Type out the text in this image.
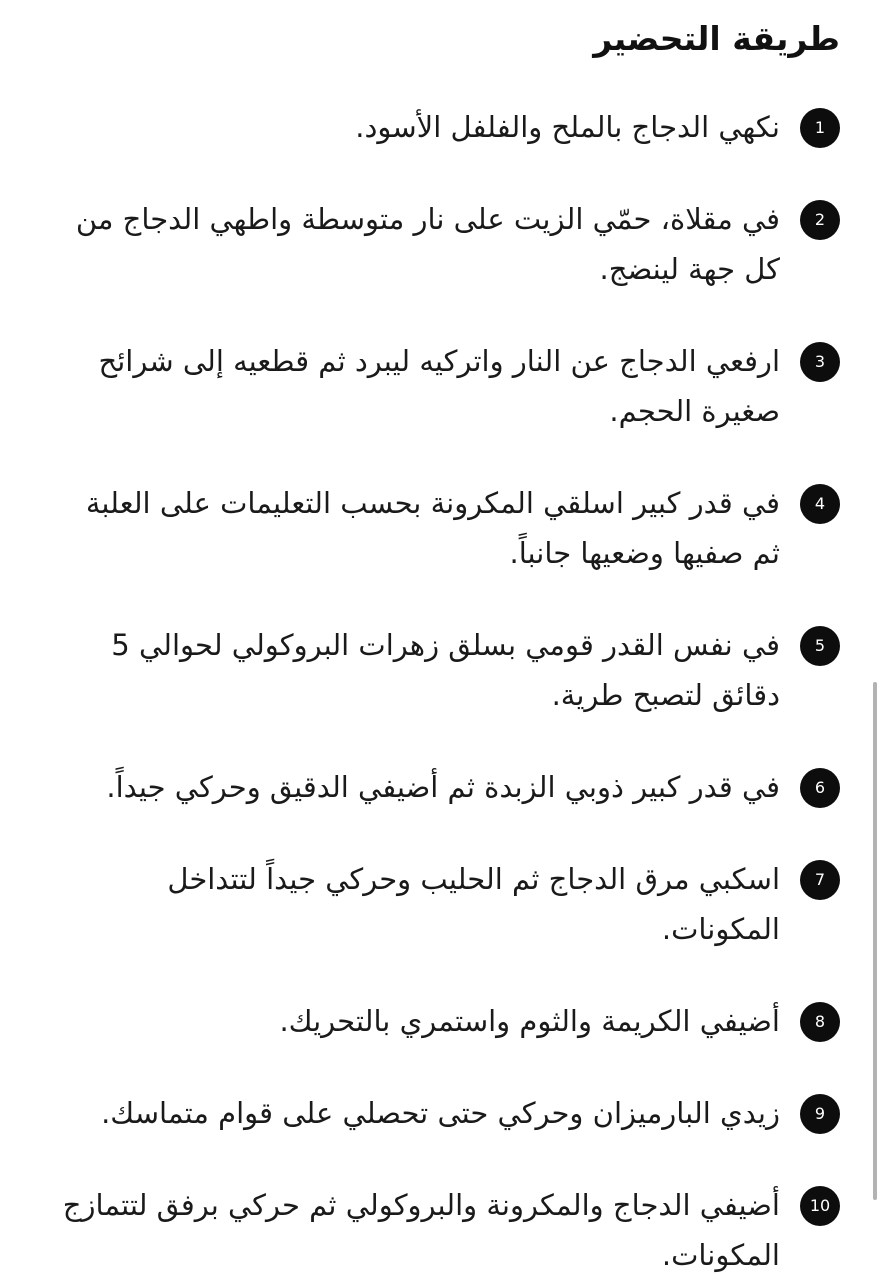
طريقة التحضير
1
نكهي الدجاج بالملح والفلفل الأسود.
2
في مقلاة، حمّي الزيت على نار متوسطة واطهي الدجاج من كل جهة لينضج.
3
ارفعي الدجاج عن النار واتركيه ليبرد ثم قطعيه إلى شرائح صغيرة الحجم.
4
في قدر كبير اسلقي المكرونة بحسب التعليمات على العلبة ثم صفيها وضعيها جانباً.
5
في نفس القدر قومي بسلق زهرات البروكولي لحوالي 5 دقائق لتصبح طرية.
6
في قدر كبير ذوبي الزبدة ثم أضيفي الدقيق وحركي جيداً.
7
اسكبي مرق الدجاج ثم الحليب وحركي جيداً لتتداخل المكونات.
8
أضيفي الكريمة والثوم واستمري بالتحريك.
9
زيدي البارميزان وحركي حتى تحصلي على قوام متماسك.
10
أضيفي الدجاج والمكرونة والبروكولي ثم حركي برفق لتتمازج المكونات.
